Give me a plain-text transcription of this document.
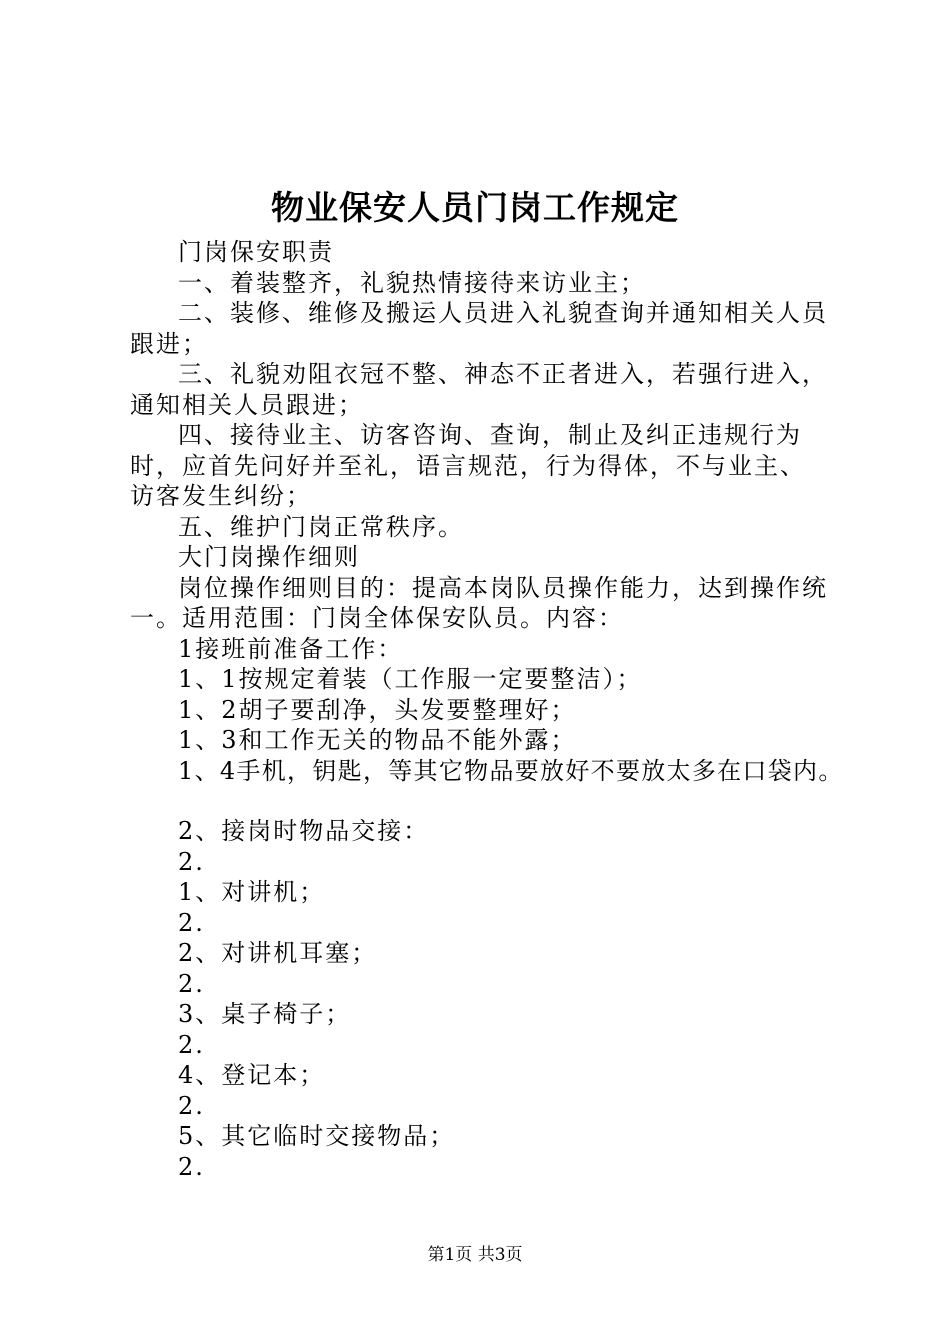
物业保安人员门岗工作规定

门岗保安职责

一、着装整齐，礼貌热情接待来访业主；

二、装修、维修及搬运人员进入礼貌查询并通知相关人员跟进；

三、礼貌劝阻衣冠不整、神态不正者进入，若强行进入，通知相关人员跟进；

四、接待业主、访客咨询、查询，制止及纠正违规行为时，应首先问好并至礼，语言规范，行为得体，不与业主、访客发生纠纷；

五、维护门岗正常秩序。

大门岗操作细则

岗位操作细则目的：提高本岗队员操作能力，达到操作统一。适用范围：门岗全体保安队员。内容：

1接班前准备工作：

1、1按规定着装（工作服一定要整洁）；

1、2胡子要刮净，头发要整理好；

1、3和工作无关的物品不能外露；

1、4手机，钥匙，等其它物品要放好不要放太多在口袋内。

2、接岗时物品交接：

2.

1、对讲机；

2.

2、对讲机耳塞；

2.

3、桌子椅子；

2.

4、登记本；

2.

5、其它临时交接物品；

2.

第1页 共3页
